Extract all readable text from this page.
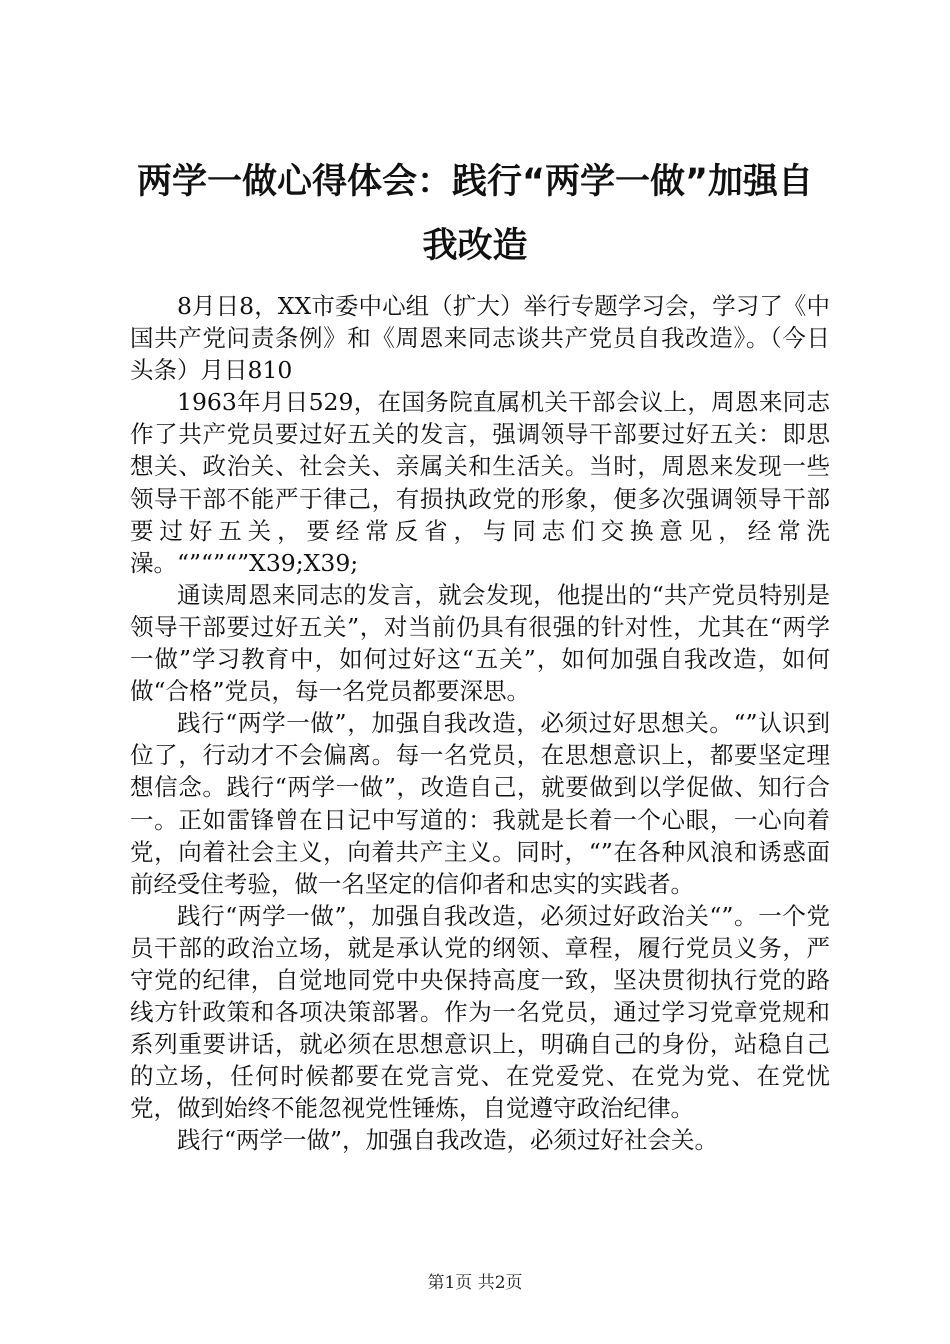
两学一做心得体会：践行“两学一做”加强自我改造

8月日8，XX市委中心组（扩大）举行专题学习会，学习了《中国共产党问责条例》和《周恩来同志谈共产党员自我改造》。（今日头条）月日810

1963年月日529，在国务院直属机关干部会议上，周恩来同志作了共产党员要过好五关的发言，强调领导干部要过好五关：即思想关、政治关、社会关、亲属关和生活关。当时，周恩来发现一些领导干部不能严于律己，有损执政党的形象，便多次强调领导干部要过好五关，要经常反省，与同志们交换意见，经常洗澡。“”“”“”X39;X39;

通读周恩来同志的发言，就会发现，他提出的“共产党员特别是领导干部要过好五关”，对当前仍具有很强的针对性，尤其在“两学一做”学习教育中，如何过好这“五关”，如何加强自我改造，如何做“合格”党员，每一名党员都要深思。

践行“两学一做”，加强自我改造，必须过好思想关。“”认识到位了，行动才不会偏离。每一名党员，在思想意识上，都要坚定理想信念。践行“两学一做”，改造自己，就要做到以学促做、知行合一。正如雷锋曾在日记中写道的：我就是长着一个心眼，一心向着党，向着社会主义，向着共产主义。同时，“”在各种风浪和诱惑面前经受住考验，做一名坚定的信仰者和忠实的实践者。

践行“两学一做”，加强自我改造，必须过好政治关“”。一个党员干部的政治立场，就是承认党的纲领、章程，履行党员义务，严守党的纪律，自觉地同党中央保持高度一致，坚决贯彻执行党的路线方针政策和各项决策部署。作为一名党员，通过学习党章党规和系列重要讲话，就必须在思想意识上，明确自己的身份，站稳自己的立场，任何时候都要在党言党、在党爱党、在党为党、在党忧党，做到始终不能忽视党性锤炼，自觉遵守政治纪律。

践行“两学一做”，加强自我改造，必须过好社会关。

第1页 共2页
